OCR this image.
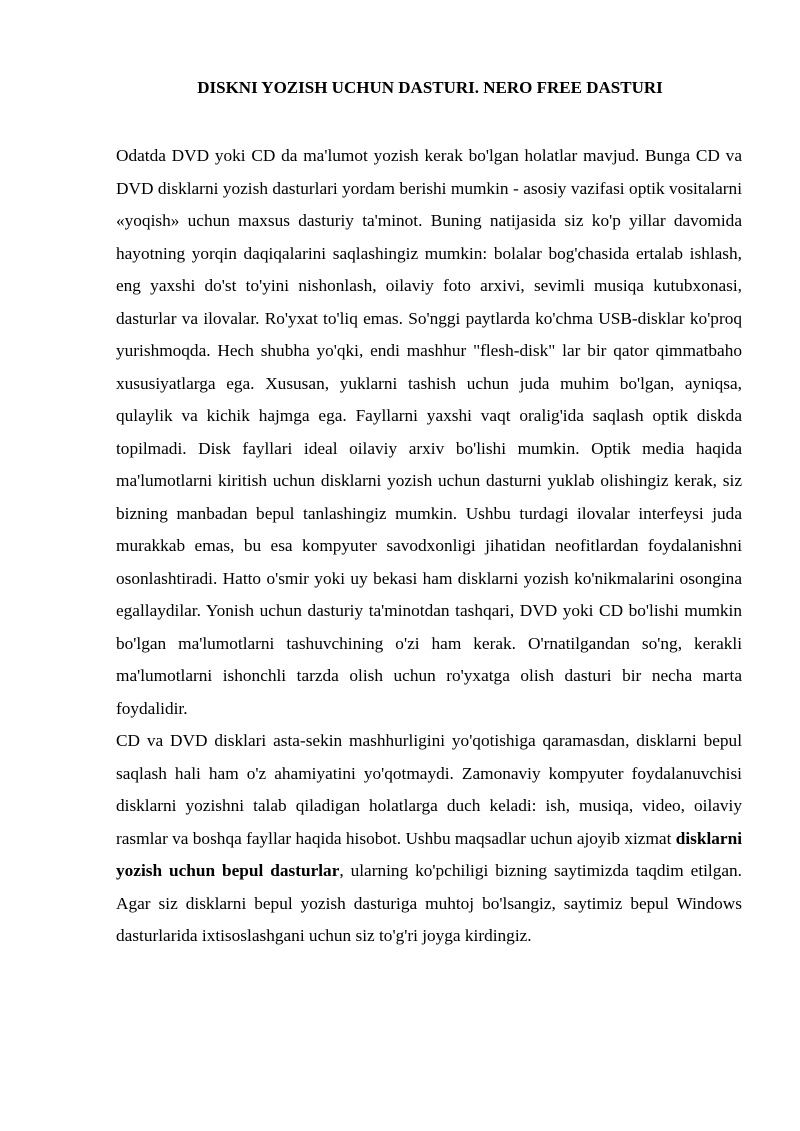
DISKNI YOZISH UCHUN DASTURI. NERO FREE DASTURI

Odatda DVD yoki CD da ma'lumot yozish kerak bo'lgan holatlar mavjud. Bunga CD va DVD disklarni yozish dasturlari yordam berishi mumkin - asosiy vazifasi optik vositalarni «yoqish» uchun maxsus dasturiy ta'minot. Buning natijasida siz ko'p yillar davomida hayotning yorqin daqiqalarini saqlashingiz mumkin: bolalar bog'chasida ertalab ishlash, eng yaxshi do'st to'yini nishonlash, oilaviy foto arxivi, sevimli musiqa kutubxonasi, dasturlar va ilovalar. Ro'yxat to'liq emas. So'nggi paytlarda ko'chma USB-disklar ko'proq yurishmoqda. Hech shubha yo'qki, endi mashhur "flesh-disk" lar bir qator qimmatbaho xususiyatlarga ega. Xususan, yuklarni tashish uchun juda muhim bo'lgan, ayniqsa, qulaylik va kichik hajmga ega. Fayllarni yaxshi vaqt oralig'ida saqlash optik diskda topilmadi. Disk fayllari ideal oilaviy arxiv bo'lishi mumkin. Optik media haqida ma'lumotlarni kiritish uchun disklarni yozish uchun dasturni yuklab olishingiz kerak, siz bizning manbadan bepul tanlashingiz mumkin. Ushbu turdagi ilovalar interfeysi juda murakkab emas, bu esa kompyuter savodxonligi jihatidan neofitlardan foydalanishni osonlashtiradi. Hatto o'smir yoki uy bekasi ham disklarni yozish ko'nikmalarini osongina egallaydilar. Yonish uchun dasturiy ta'minotdan tashqari, DVD yoki CD bo'lishi mumkin bo'lgan ma'lumotlarni tashuvchining o'zi ham kerak. O'rnatilgandan so'ng, kerakli ma'lumotlarni ishonchli tarzda olish uchun ro'yxatga olish dasturi bir necha marta foydalidir.

CD va DVD disklari asta-sekin mashhurligini yo'qotishiga qaramasdan, disklarni bepul saqlash hali ham o'z ahamiyatini yo'qotmaydi. Zamonaviy kompyuter foydalanuvchisi disklarni yozishni talab qiladigan holatlarga duch keladi: ish, musiqa, video, oilaviy rasmlar va boshqa fayllar haqida hisobot. Ushbu maqsadlar uchun ajoyib xizmat disklarni yozish uchun bepul dasturlar, ularning ko'pchiligi bizning saytimizda taqdim etilgan. Agar siz disklarni bepul yozish dasturiga muhtoj bo'lsangiz, saytimiz bepul Windows dasturlarida ixtisoslashgani uchun siz to'g'ri joyga kirdingiz.
